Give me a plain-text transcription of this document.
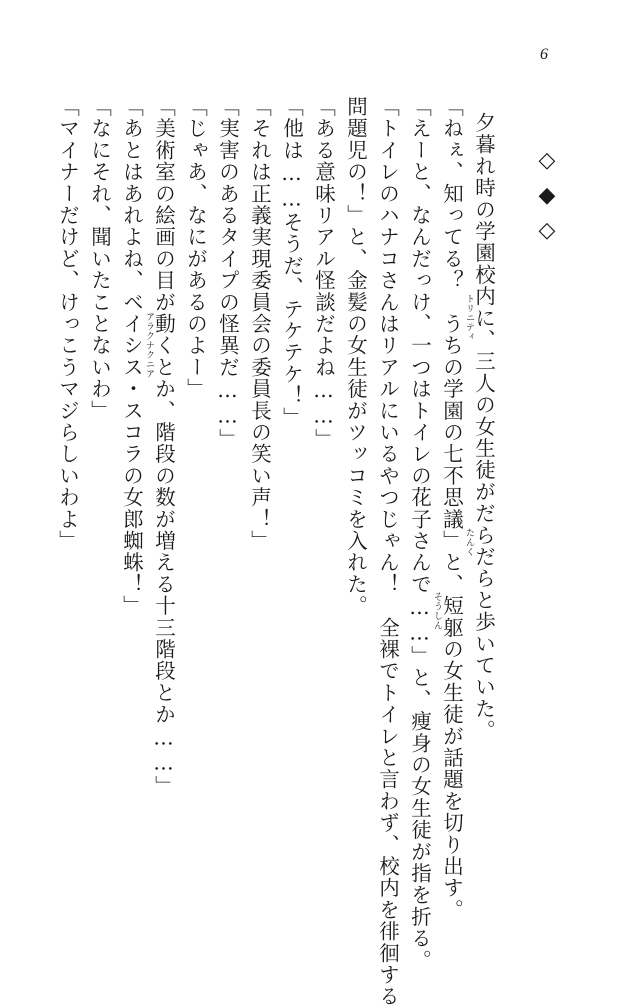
6
◇
◆
◇
夕暮れ時の学園校内に、三人の女生徒がだらだらと歩いていた。
「ねぇ、知ってる？　うちの学園の七不思議」と、短躯の女生徒が話題を切り出す。
「えーと、なんだっけ、一つはトイレの花子さんで……」と、痩身の女生徒が指を折る。
「トイレのハナコさんはリアルにいるやつじゃん！　全裸でトイレと言わず、校内を徘徊する
問題児の！」と、金髪の女生徒がツッコミを入れた。
「ある意味リアル怪談だよね……」
「他は……そうだ、テケテケ！」
「それは正義実現委員会の委員長の笑い声！」
「実害のあるタイプの怪異だ……」
「じゃあ、なにがあるのよー」
「美術室の絵画の目が動くとか、階段の数が増える十三階段とか……」
「あとはあれよね、ベイシス・スコラの女郎蜘蛛！」
「なにそれ、聞いたことないわ」
「マイナーだけど、けっこうマジらしいわよ」	トリニティ
たんく
そうしん
アラクナクニア
